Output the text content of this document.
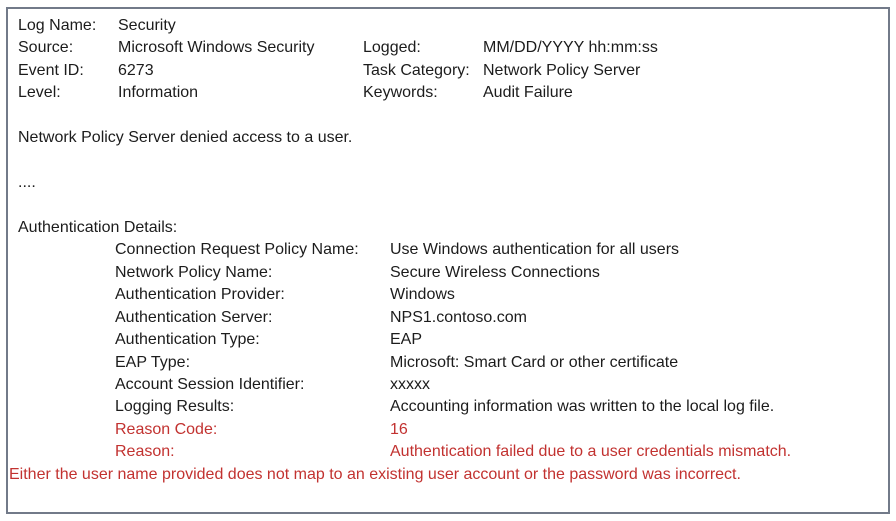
Log Name: Security
Source:	Microsoft Windows Security	Logged:	MM/DD/YYYY hh:mm:ss
Event ID: 6273	Task Category: Network Policy Server
Level:	Information	Keywords:	Audit Failure
Network Policy Server denied access to a user.
....
Authentication Details:
Connection Request Policy Name: Use Windows authentication for all users
Network Policy Name:	Secure Wireless Connections
Authentication Provider:	Windows
Authentication Server:	NPS1.contoso.com
Authentication Type:	EAP
EAP Type:	Microsoft: Smart Card or other certificate
Account Session Identifier:	xxxxx
Logging Results:	Accounting information was written to the local log file.
Reason Code:	16
Reason:	Authentication failed due to a user credentials mismatch.
Either the user name provided does not map to an existing user account or the password was incorrect.
